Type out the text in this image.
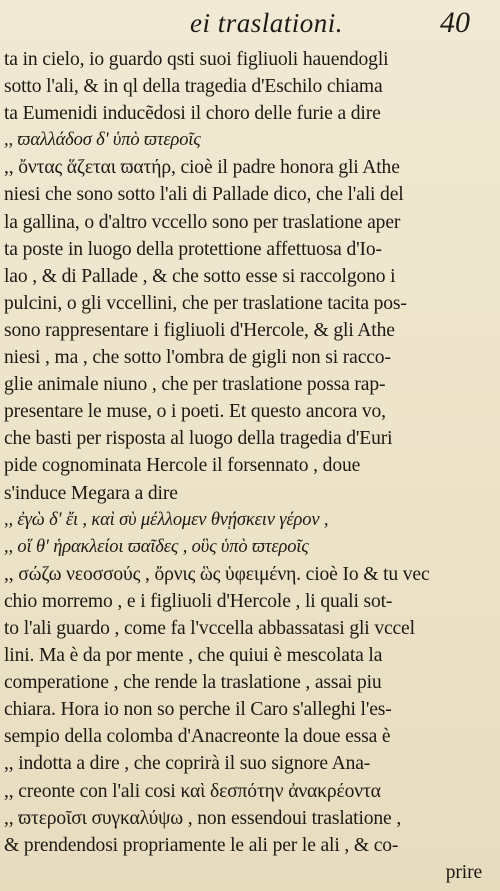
ei traslationi.	40
ta in cielo, io guardo qsti suoi figliuoli hauendogli
sotto l'ali, & in ql della tragedia d'Eschilo chiama
ta Eumenidi inducẽdosi il choro delle furie a dire
,, ϖαλλάδοσ δ' ὑπὸ ϖτεροῖς
,, ὄντας ἅζεται ϖατήρ, cioè il padre honora gli Athe
niesi che sono sotto l'ali di Pallade dico, che l'ali del
la gallina, o d'altro vccello sono per traslatione aper
ta poste in luogo della protettione affettuosa d'Io-
lao , & di Pallade , & che sotto esse si raccolgono i
pulcini, o gli vccellini, che per traslatione tacita pos-
sono rappresentare i figliuoli d'Hercole, & gli Athe
niesi , ma , che sotto l'ombra de gigli non si racco-
glie animale niuno , che per traslatione possa rap-
presentare le muse, o i poeti. Et questo ancora vo,
che basti per risposta al luogo della tragedia d'Euri
pide cognominata Hercole il forsennato , doue
s'induce Megara a dire
,, ἐγὼ δ' ἔι , καὶ σὺ μέλλομεν θνῄσκειν γέρον ,
,, οἵ θ' ἡρακλείοι ϖαῖδες , οὓς ὑπὸ ϖτεροῖς
,, σώζω νεοσσούς , ὄρνις ὣς ὑφειμένη. cioè Io & tu vec
chio morremo , e i figliuoli d'Hercole , li quali sot-
to l'ali guardo , come fa l'vccella abbassatasi gli vccel
lini. Ma è da por mente , che quiui è mescolata la
comperatione , che rende la traslatione , assai piu
chiara. Hora io non so perche il Caro s'alleghi l'es-
sempio della colomba d'Anacreonte la doue essa è
,, indotta a dire , che coprirà il suo signore Ana-
,, creonte con l'ali cosi καὶ δεσπότην ἀνακρέοντα
,, ϖτεροῖσι συγκαλύψω , non essendoui traslatione ,
& prendendosi propriamente le ali per le ali , & co-
prire
